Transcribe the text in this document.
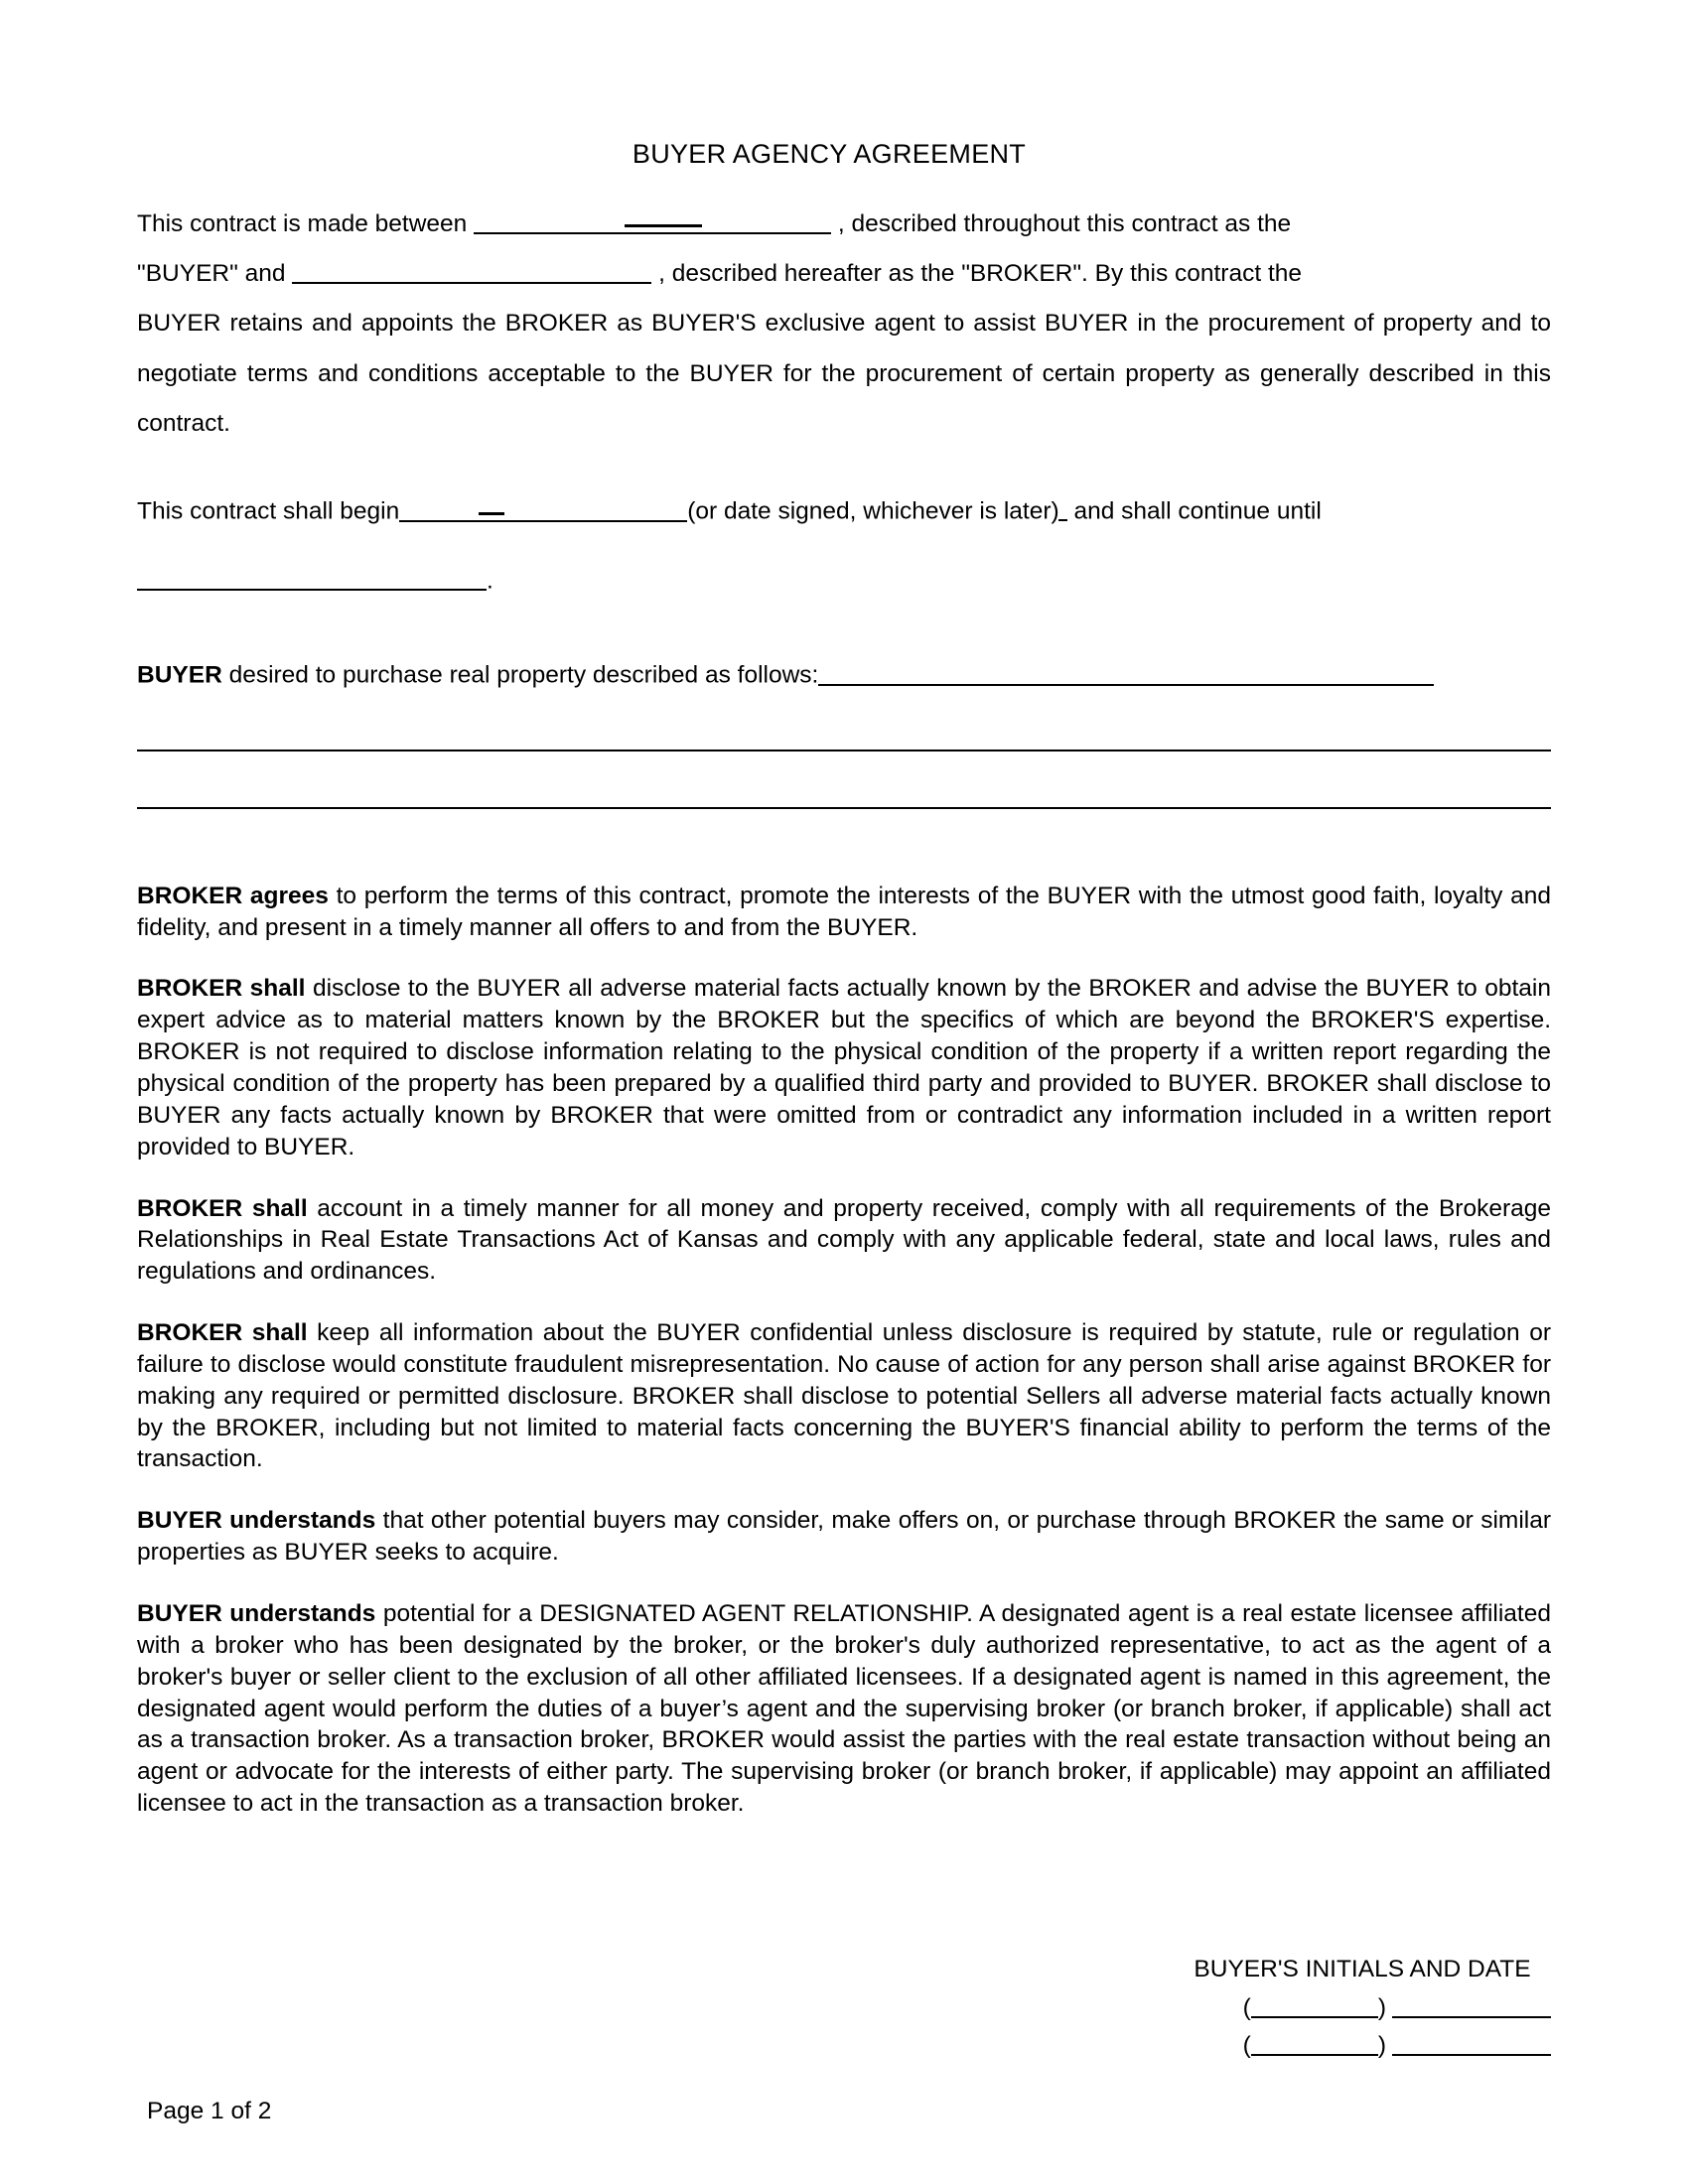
BUYER AGENCY AGREEMENT
This contract is made between	, described throughout this contract as the
"BUYER" and	, described hereafter as the "BROKER". By this contract the
BUYER retains and appoints the BROKER as BUYER'S exclusive agent to assist BUYER in the procurement of property and to negotiate terms and conditions acceptable to the BUYER for the procurement of certain property as generally described in this contract.
This contract shall begin	(or date signed, whichever is later) and shall continue until
.
BUYER desired to purchase real property described as follows:

BROKER agrees to perform the terms of this contract, promote the interests of the BUYER with the utmost good faith, loyalty and fidelity, and present in a timely manner all offers to and from the BUYER.

BROKER shall disclose to the BUYER all adverse material facts actually known by the BROKER and advise the BUYER to obtain expert advice as to material matters known by the BROKER but the specifics of which are beyond the BROKER'S expertise. BROKER is not required to disclose information relating to the physical condition of the property if a written report regarding the physical condition of the property has been prepared by a qualified third party and provided to BUYER. BROKER shall disclose to BUYER any facts actually known by BROKER that were omitted from or contradict any information included in a written report provided to BUYER.

BROKER shall account in a timely manner for all money and property received, comply with all requirements of the Brokerage Relationships in Real Estate Transactions Act of Kansas and comply with any applicable federal, state and local laws, rules and regulations and ordinances.

BROKER shall keep all information about the BUYER confidential unless disclosure is required by statute, rule or regulation or failure to disclose would constitute fraudulent misrepresentation. No cause of action for any person shall arise against BROKER for making any required or permitted disclosure. BROKER shall disclose to potential Sellers all adverse material facts actually known by the BROKER, including but not limited to material facts concerning the BUYER'S financial ability to perform the terms of the transaction.

BUYER understands that other potential buyers may consider, make offers on, or purchase through BROKER the same or similar properties as BUYER seeks to acquire.

BUYER understands potential for a DESIGNATED AGENT RELATIONSHIP. A designated agent is a real estate licensee affiliated with a broker who has been designated by the broker, or the broker's duly authorized representative, to act as the agent of a broker's buyer or seller client to the exclusion of all other affiliated licensees. If a designated agent is named in this agreement, the designated agent would perform the duties of a buyer’s agent and the supervising broker (or branch broker, if applicable) shall act as a transaction broker. As a transaction broker, BROKER would assist the parties with the real estate transaction without being an agent or advocate for the interests of either party. The supervising broker (or branch broker, if applicable) may appoint an affiliated licensee to act in the transaction as a transaction broker.

BUYER'S INITIALS AND DATE
(	)
(	)
Page 1 of 2
